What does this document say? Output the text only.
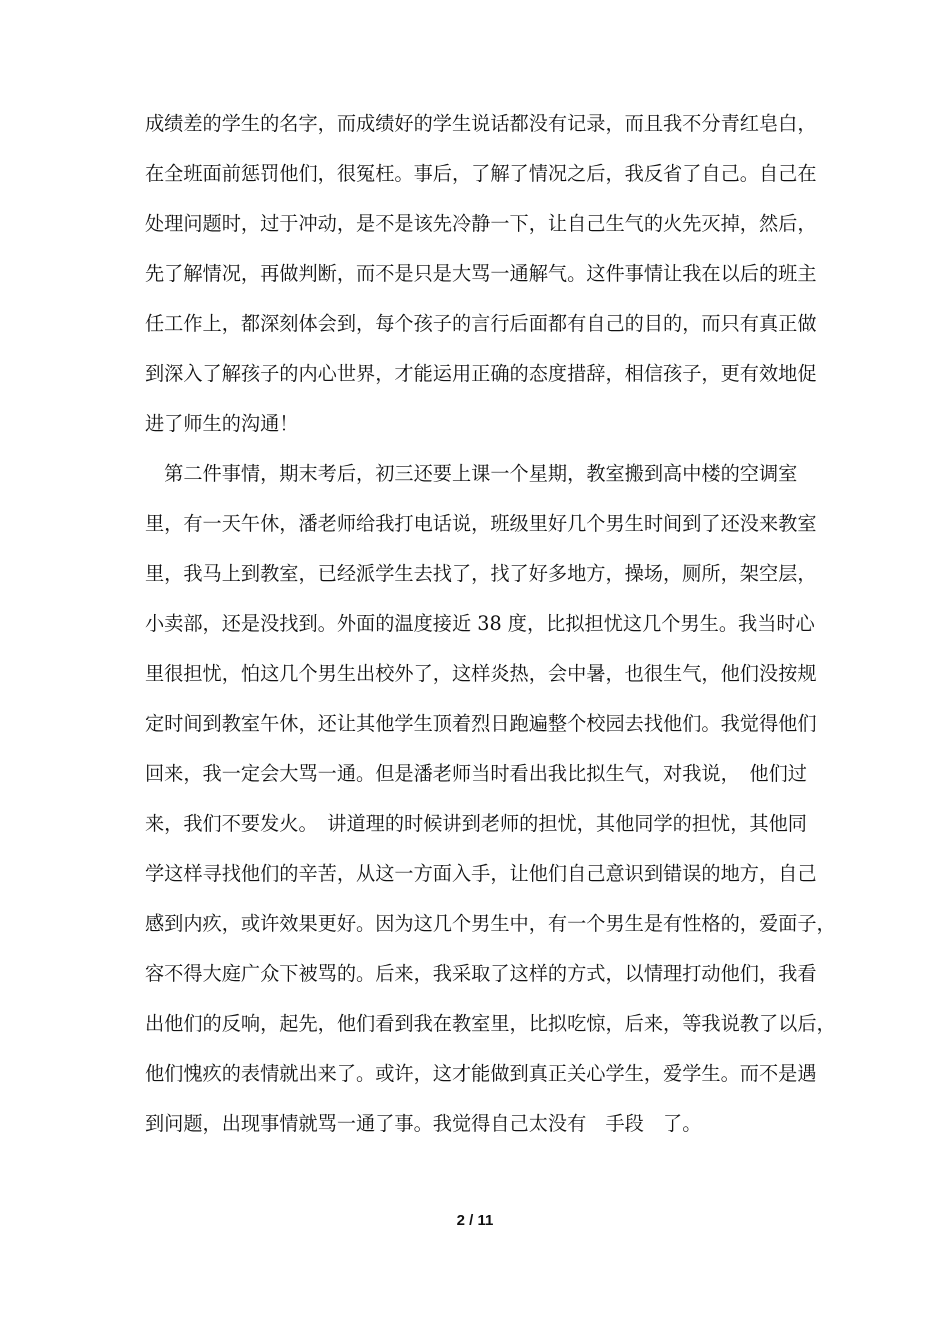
成绩差的学生的名字，而成绩好的学生说话都没有记录，而且我不分青红皂白，
在全班面前惩罚他们，很冤枉。事后，了解了情况之后，我反省了自己。自己在
处理问题时，过于冲动，是不是该先冷静一下，让自己生气的火先灭掉，然后，
先了解情况，再做判断，而不是只是大骂一通解气。这件事情让我在以后的班主
任工作上，都深刻体会到，每个孩子的言行后面都有自己的目的，而只有真正做
到深入了解孩子的内心世界，才能运用正确的态度措辞，相信孩子，更有效地促
进了师生的沟通！
　第二件事情，期末考后，初三还要上课一个星期，教室搬到高中楼的空调室
里，有一天午休，潘老师给我打电话说，班级里好几个男生时间到了还没来教室
里，我马上到教室，已经派学生去找了，找了好多地方，操场，厕所，架空层，
小卖部，还是没找到。外面的温度接近 38 度，比拟担忧这几个男生。我当时心
里很担忧，怕这几个男生出校外了，这样炎热，会中暑，也很生气，他们没按规
定时间到教室午休，还让其他学生顶着烈日跑遍整个校园去找他们。我觉得他们
回来，我一定会大骂一通。但是潘老师当时看出我比拟生气，对我说，　他们过
来，我们不要发火。　讲道理的时候讲到老师的担忧，其他同学的担忧，其他同
学这样寻找他们的辛苦，从这一方面入手，让他们自己意识到错误的地方，自己
感到内疚，或许效果更好。因为这几个男生中，有一个男生是有性格的，爱面子，
容不得大庭广众下被骂的。后来，我采取了这样的方式，以情理打动他们，我看
出他们的反响，起先，他们看到我在教室里，比拟吃惊，后来，等我说教了以后，
他们愧疚的表情就出来了。或许，这才能做到真正关心学生，爱学生。而不是遇
到问题，出现事情就骂一通了事。我觉得自己太没有　手段　了。
2 / 11
